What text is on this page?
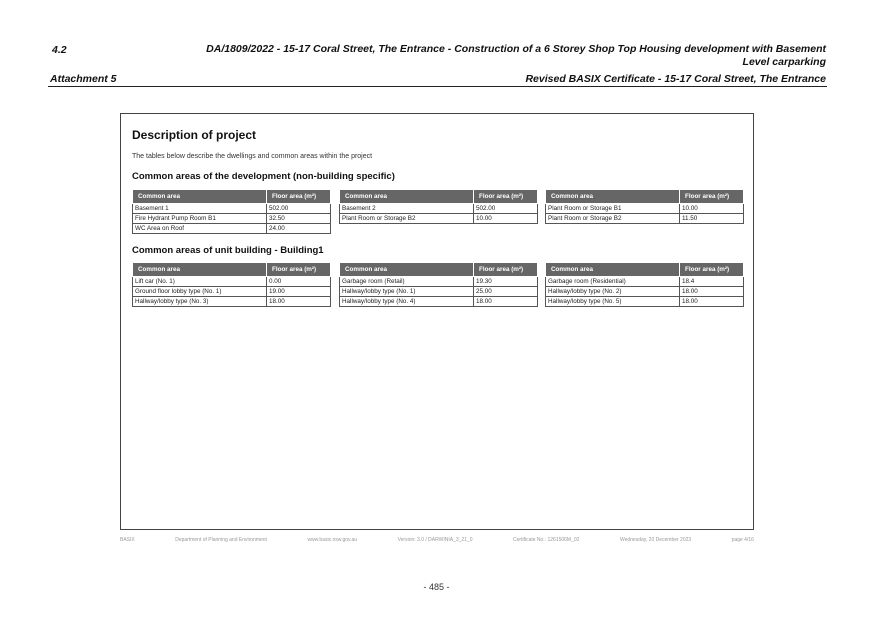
4.2	DA/1809/2022 - 15-17 Coral Street, The Entrance - Construction of a 6 Storey Shop Top Housing development with Basement Level carparking
Attachment 5	Revised BASIX Certificate - 15-17 Coral Street, The Entrance
Description of project
The tables below describe the dwellings and common areas within the project
Common areas of the development (non-building specific)
Common area	Floor area (m²)
Basement 1	502.00
Fire Hydrant Pump Room B1	32.50
WC Area on Roof	24.00
Common area	Floor area (m²)
Basement 2	502.00
Plant Room or Storage B2	10.00
Common area	Floor area (m²)
Plant Room or Storage B1	10.00
Plant Room or Storage B2	11.50
Common areas of unit building - Building1
Common area	Floor area (m²)
Lift car (No. 1)	0.00
Ground floor lobby type (No. 1)	19.00
Hallway/lobby type (No. 3)	18.00
Common area	Floor area (m²)
Garbage room (Retail)	19.30
Hallway/lobby type (No. 1)	25.00
Hallway/lobby type (No. 4)	18.00
Common area	Floor area (m²)
Garbage room (Residential)	18.4
Hallway/lobby type (No. 2)	18.00
Hallway/lobby type (No. 5)	18.00
BASIX	Department of Planning and Environment	www.basix.nsw.gov.au	Version: 3.0 / DARWINIA_3_21_0	Certificate No.: 1261506M_02	Wednesday, 20 December 2023	page 4/16
- 485 -
